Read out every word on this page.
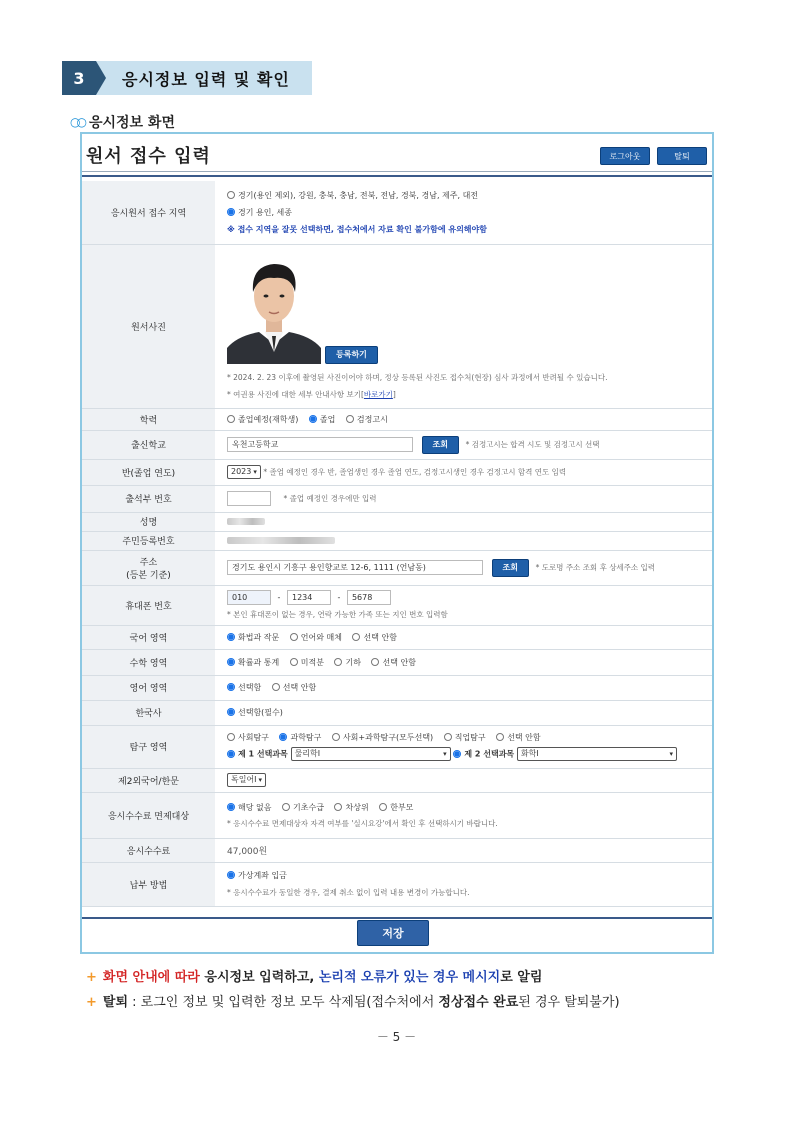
3	응시정보 입력 및 확인
○○ 응시정보 화면
원서 접수 입력	로그아웃	탈퇴
응시원서 접수 지역	경기(용인 제외), 강원, 충북, 충남, 전북, 전남, 경북, 경남, 제주, 대전
경기 용인, 세종
※ 접수 지역을 잘못 선택하면, 접수처에서 자료 확인 불가함에 유의해야함

원서사진	등록하기
* 2024. 2. 23 이후에 촬영된 사진이어야 하며, 정상 등록된 사진도 접수처(현장) 심사 과정에서 반려될 수 있습니다.
* 여권용 사진에 대한 세부 안내사항 보기[바로가기]

학력	졸업예정(재학생) 졸업 검정고시
출신학교	옥천고등학교 조회 * 검정고시는 합격 시도 및 검정고시 선택
반(졸업 연도)	2023 ▾ * 졸업 예정인 경우 반, 졸업생인 경우 졸업 연도, 검정고시생인 경우 검정고시 합격 연도 입력
출석부 번호	* 졸업 예정인 경우에만 입력
성명	
주민등록번호	

주소
(등본 기준)	경기도 용인시 기흥구 용인향교로 12-6, 1111 (언남동) 조회 * 도로명 주소 조회 후 상세주소 입력
휴대폰 번호	010 - 1234 - 5678
* 본인 휴대폰이 없는 경우, 연락 가능한 가족 또는 지인 번호 입력함

국어 영역	화법과 작문 언어와 매체 선택 안함
수학 영역	확률과 통계 미적분 기하 선택 안함
영어 영역	선택함 선택 안함
한국사	선택함(필수)
탐구 영역	사회탐구 과학탐구 사회+과학탐구(모두선택) 직업탐구 선택 안함
제 1 선택과목 물리학I ▾ 제 2 선택과목 화학I ▾

제2외국어/한문	독일어I ▾
응시수수료 면제대상	해당 없음 기초수급 차상위 한부모
* 응시수수료 면제대상자 자격 여부를 '실시요강'에서 확인 후 선택하시기 바랍니다.

응시수수료	47,000원
납부 방법	가상계좌 입금
* 응시수수료가 동일한 경우, 결제 취소 없이 입력 내용 변경이 가능합니다.
저장
+ 화면 안내에 따라 응시정보 입력하고, 논리적 오류가 있는 경우 메시지로 알림
+ 탈퇴 : 로그인 정보 및 입력한 정보 모두 삭제됨(접수처에서 정상접수 완료된 경우 탈퇴불가)
－ 5 －
